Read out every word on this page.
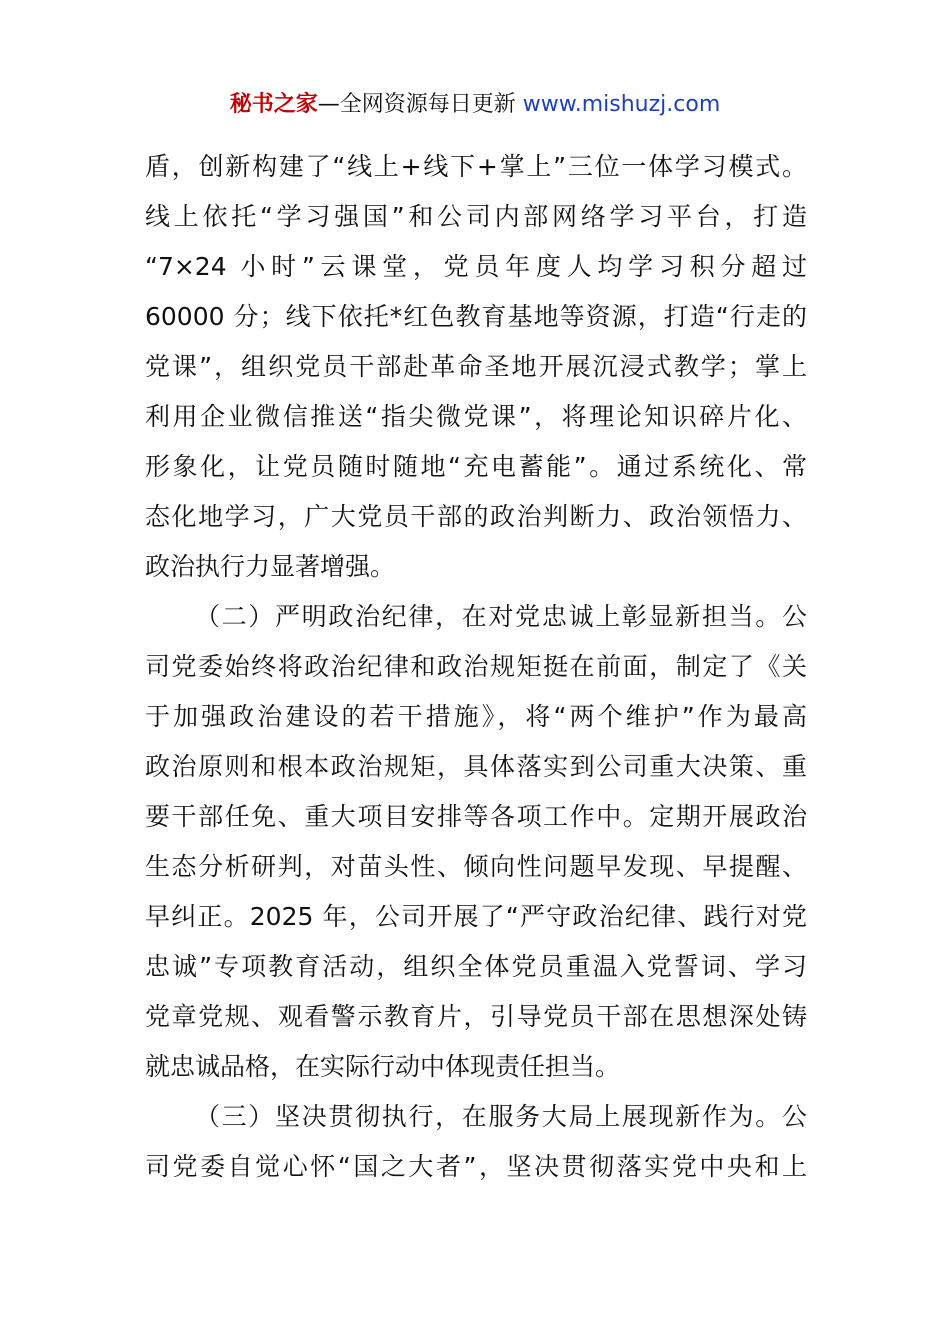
秘书之家—全网资源每日更新 www.mishuzj.com
盾，创新构建了“线上+线下+掌上”三位一体学习模式。
线上依托“学习强国”和公司内部网络学习平台，打造
“7×24 小时”云课堂，党员年度人均学习积分超过
60000 分；线下依托*红色教育基地等资源，打造“行走的
党课”，组织党员干部赴革命圣地开展沉浸式教学；掌上
利用企业微信推送“指尖微党课”，将理论知识碎片化、
形象化，让党员随时随地“充电蓄能”。通过系统化、常
态化地学习，广大党员干部的政治判断力、政治领悟力、
政治执行力显著增强。
（二）严明政治纪律，在对党忠诚上彰显新担当。公
司党委始终将政治纪律和政治规矩挺在前面，制定了《关
于加强政治建设的若干措施》，将“两个维护”作为最高
政治原则和根本政治规矩，具体落实到公司重大决策、重
要干部任免、重大项目安排等各项工作中。定期开展政治
生态分析研判，对苗头性、倾向性问题早发现、早提醒、
早纠正。2025 年，公司开展了“严守政治纪律、践行对党
忠诚”专项教育活动，组织全体党员重温入党誓词、学习
党章党规、观看警示教育片，引导党员干部在思想深处铸
就忠诚品格，在实际行动中体现责任担当。
（三）坚决贯彻执行，在服务大局上展现新作为。公
司党委自觉心怀“国之大者”，坚决贯彻落实党中央和上
